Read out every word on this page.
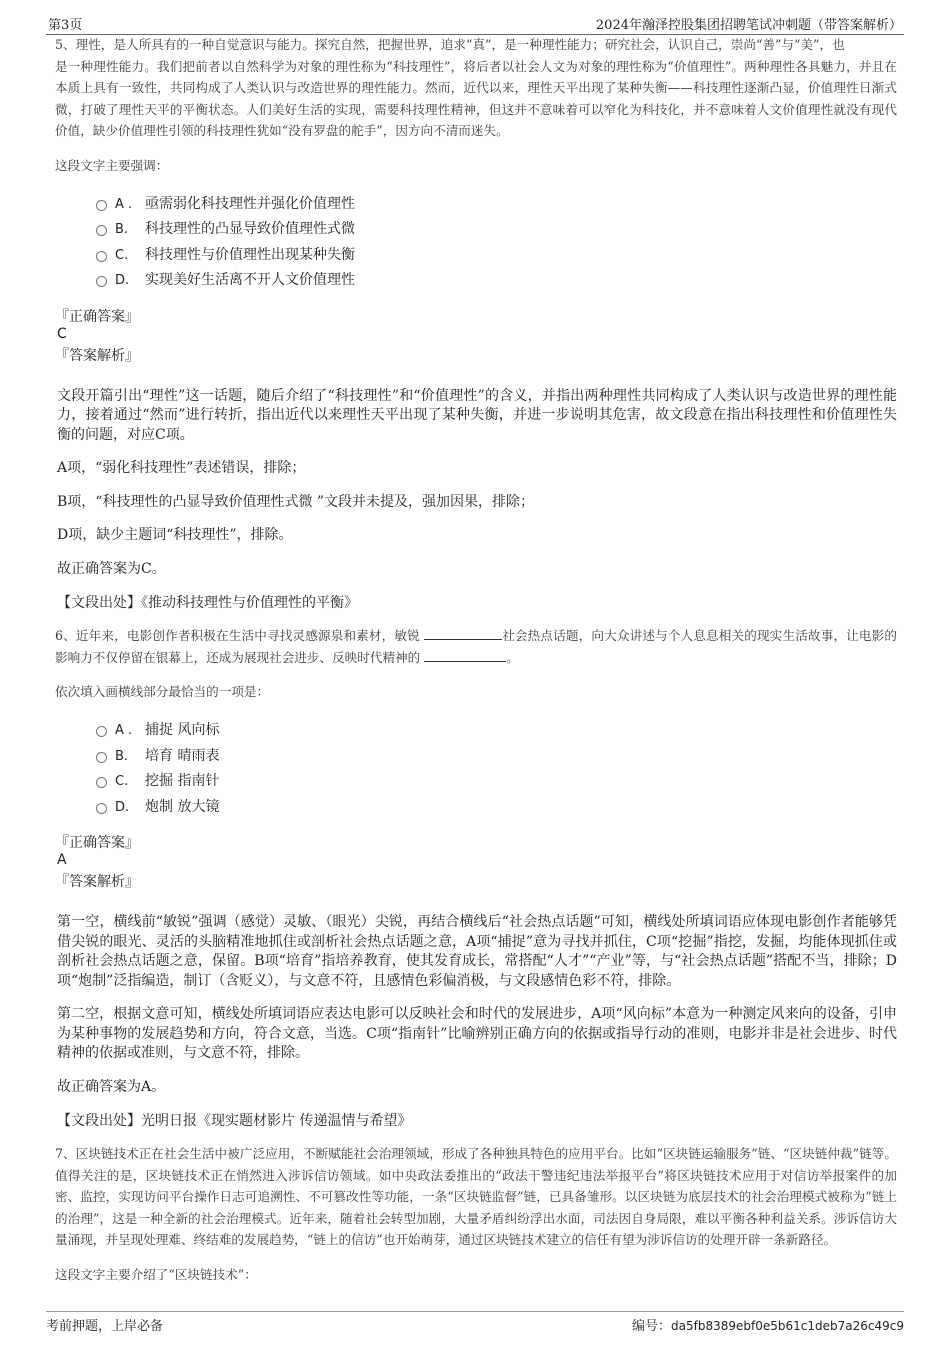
第3页	2024年瀚泽控股集团招聘笔试冲刺题（带答案解析）

5、理性，是人所具有的一种自觉意识与能力。探究自然，把握世界，追求“真”，是一种理性能力；研究社会，认识自己，崇尚“善”与“美”，也

是一种理性能力。我们把前者以自然科学为对象的理性称为“科技理性”，将后者以社会人文为对象的理性称为“价值理性”。两种理性各具魅力，并且在本质上具有一致性，共同构成了人类认识与改造世界的理性能力。然而，近代以来，理性天平出现了某种失衡——科技理性逐渐凸显，价值理性日渐式微，打破了理性天平的平衡状态。人们美好生活的实现，需要科技理性精神，但这并不意味着可以窄化为科技化，并不意味着人文价值理性就没有现代价值，缺少价值理性引领的科技理性犹如“没有罗盘的舵手”，因方向不清而迷失。

这段文字主要强调：

A . 亟需弱化科技理性并强化价值理性
B. 科技理性的凸显导致价值理性式微
C. 科技理性与价值理性出现某种失衡
D. 实现美好生活离不开人文价值理性

『正确答案』

C

『答案解析』

文段开篇引出“理性”这一话题，随后介绍了“科技理性”和“价值理性”的含义，并指出两种理性共同构成了人类认识与改造世界的理性能力，接着通过“然而”进行转折，指出近代以来理性天平出现了某种失衡，并进一步说明其危害，故文段意在指出科技理性和价值理性失衡的问题，对应C项。

A项，“弱化科技理性”表述错误，排除；

B项，“科技理性的凸显导致价值理性式微 ”文段并未提及，强加因果，排除；

D项，缺少主题词“科技理性”，排除。

故正确答案为C。

【文段出处】《推动科技理性与价值理性的平衡》

6、近年来，电影创作者积极在生活中寻找灵感源泉和素材，敏锐	社会热点话题，向大众讲述与个人息息相关的现实生活故事，让电影的影响力不仅停留在银幕上，还成为展现社会进步、反映时代精神的	。

依次填入画横线部分最恰当的一项是：

A . 捕捉 风向标
B. 培育 晴雨表
C. 挖掘 指南针
D. 炮制 放大镜

『正确答案』

A

『答案解析』

第一空，横线前“敏锐”强调（感觉）灵敏、（眼光）尖锐，再结合横线后“社会热点话题”可知，横线处所填词语应体现电影创作者能够凭借尖锐的眼光、灵活的头脑精准地抓住或剖析社会热点话题之意，A项“捕捉”意为寻找并抓住，C项“挖掘”指挖，发掘，均能体现抓住或剖析社会热点话题之意，保留。B项“培育”指培养教育，使其发育成长，常搭配“人才”“产业”等，与“社会热点话题”搭配不当，排除；D项“炮制”泛指编造，制订（含贬义），与文意不符，且感情色彩偏消极，与文段感情色彩不符，排除。

第二空，根据文意可知，横线处所填词语应表达电影可以反映社会和时代的发展进步，A项“风向标”本意为一种测定风来向的设备，引申为某种事物的发展趋势和方向，符合文意，当选。C项“指南针”比喻辨别正确方向的依据或指导行动的准则，电影并非是社会进步、时代精神的依据或准则，与文意不符，排除。

故正确答案为A。

【文段出处】光明日报《现实题材影片 传递温情与希望》

7、区块链技术正在社会生活中被广泛应用，不断赋能社会治理领域，形成了各种独具特色的应用平台。比如“区块链运输服务”链、“区块链仲裁”链等。值得关注的是，区块链技术正在悄然进入涉诉信访领域。如中央政法委推出的“政法干警违纪违法举报平台”将区块链技术应用于对信访举报案件的加密、监控，实现访问平台操作日志可追溯性、不可篡改性等功能，一条“区块链监督”链，已具备雏形。以区块链为底层技术的社会治理模式被称为“链上的治理”，这是一种全新的社会治理模式。近年来，随着社会转型加剧，大量矛盾纠纷浮出水面，司法因自身局限，难以平衡各种利益关系。涉诉信访大量涌现，并呈现处理难、终结难的发展趋势，“链上的信访”也开始萌芽，通过区块链技术建立的信任有望为涉诉信访的处理开辟一条新路径。

这段文字主要介绍了“区块链技术”：

考前押题，上岸必备	编号：da5fb8389ebf0e5b61c1deb7a26c49c9
